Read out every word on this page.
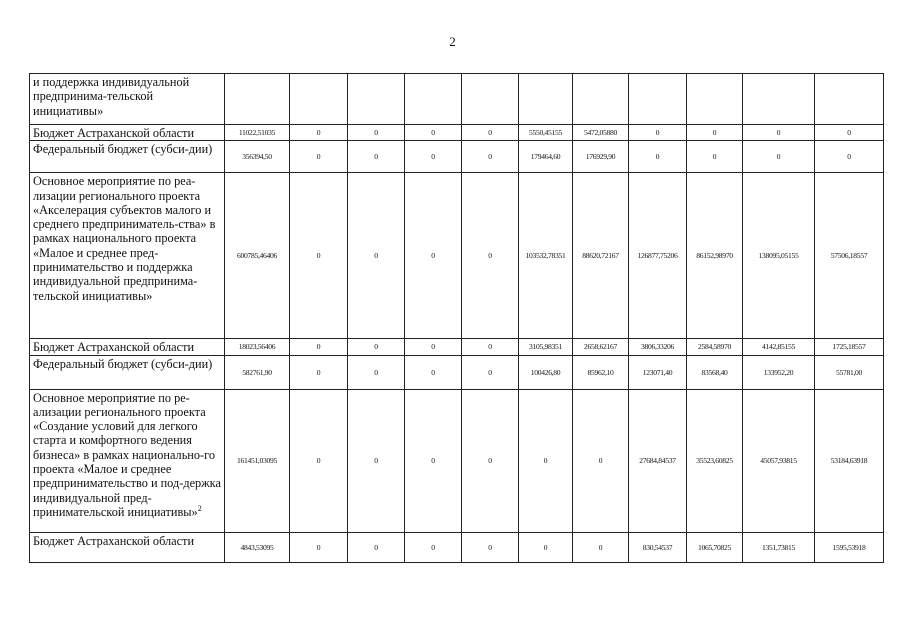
2
и поддержка индивидуальной предпринима-тельской инициативы»											
Бюджет Астраханской области	11022,51035	0	0	0	0	5550,45155	5472,05880	0	0	0	0
Федеральный бюджет (субси-дии)	356394,50	0	0	0	0	179464,60	176929,90	0	0	0	0
Основное мероприятие по реа-лизации регионального проекта «Акселерация субъектов малого и среднего предприниматель-ства» в рамках национального проекта «Малое и среднее пред-принимательство и поддержка индивидуальной предпринима-тельской инициативы»	600785,46406	0	0	0	0	103532,78351	88620,72167	126877,75206	86152,98970	138095,05155	57506,18557
Бюджет Астраханской области	18023,56406	0	0	0	0	3105,98351	2658,62167	3806,33206	2584,58970	4142,85155	1725,18557
Федеральный бюджет (субси-дии)	582761,90	0	0	0	0	100426,80	85962,10	123071,40	83568,40	133952,20	55781,00
Основное мероприятие по ре-ализации регионального проекта «Создание условий для легкого старта и комфортного ведения бизнеса» в рамках национально-го проекта «Малое и среднее предпринимательство и под-держка индивидуальной пред-принимательской инициативы»$^2$	161451,03095	0	0	0	0	0	0	27684,84537	35523,60825	45057,93815	53184,63918
Бюджет Астраханской области	4843,53095	0	0	0	0	0	0	830,54537	1065,70825	1351,73815	1595,53918
